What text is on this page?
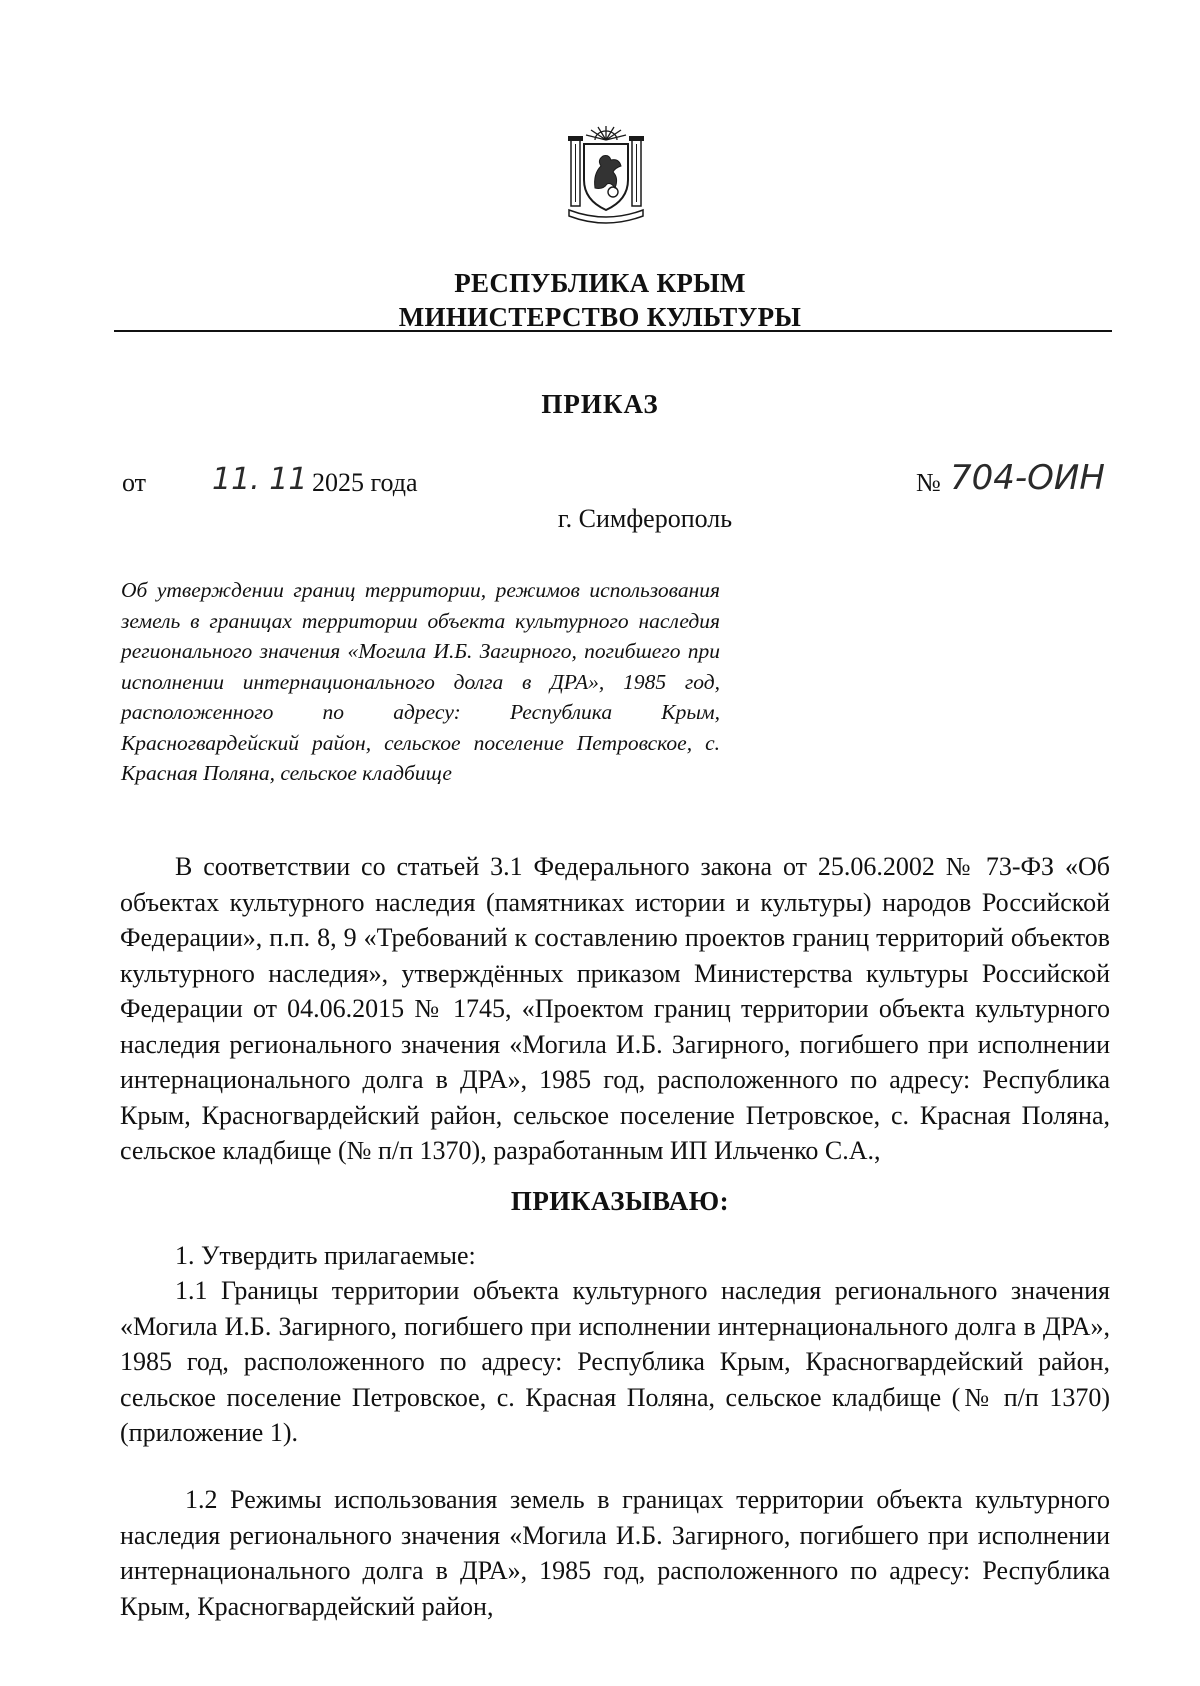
РЕСПУБЛИКА КРЫМ
МИНИСТЕРСТВО КУЛЬТУРЫ
ПРИКАЗ
от 11. 11 2025 года	№ 704-ОИН
г. Симферополь
Об утверждении границ территории, режимов использования земель в границах территории объекта культурного наследия регионального значения «Могила И.Б. Загирного, погибшего при исполнении интернационального долга в ДРА», 1985 год, расположенного по адресу: Республика Крым, Красногвардейский район, сельское поселение Петровское, с. Красная Поляна, сельское кладбище

В соответствии со статьей 3.1 Федерального закона от 25.06.2002 № 73-ФЗ «Об объектах культурного наследия (памятниках истории и культуры) народов Российской Федерации», п.п. 8, 9 «Требований к составлению проектов границ территорий объектов культурного наследия», утверждённых приказом Министерства культуры Российской Федерации от 04.06.2015 № 1745, «Проектом границ территории объекта культурного наследия регионального значения «Могила И.Б. Загирного, погибшего при исполнении интернационального долга в ДРА», 1985 год, расположенного по адресу: Республика Крым, Красногвардейский район, сельское поселение Петровское, с. Красная Поляна, сельское кладбище (№ п/п 1370), разработанным ИП Ильченко С.А.,

ПРИКАЗЫВАЮ:

1. Утвердить прилагаемые:

1.1 Границы территории объекта культурного наследия регионального значения «Могила И.Б. Загирного, погибшего при исполнении интернационального долга в ДРА», 1985 год, расположенного по адресу: Республика Крым, Красногвардейский район, сельское поселение Петровское, с. Красная Поляна, сельское кладбище (№ п/п 1370) (приложение 1).

1.2 Режимы использования земель в границах территории объекта культурного наследия регионального значения «Могила И.Б. Загирного, погибшего при исполнении интернационального долга в ДРА», 1985 год, расположенного по адресу: Республика Крым, Красногвардейский район,
